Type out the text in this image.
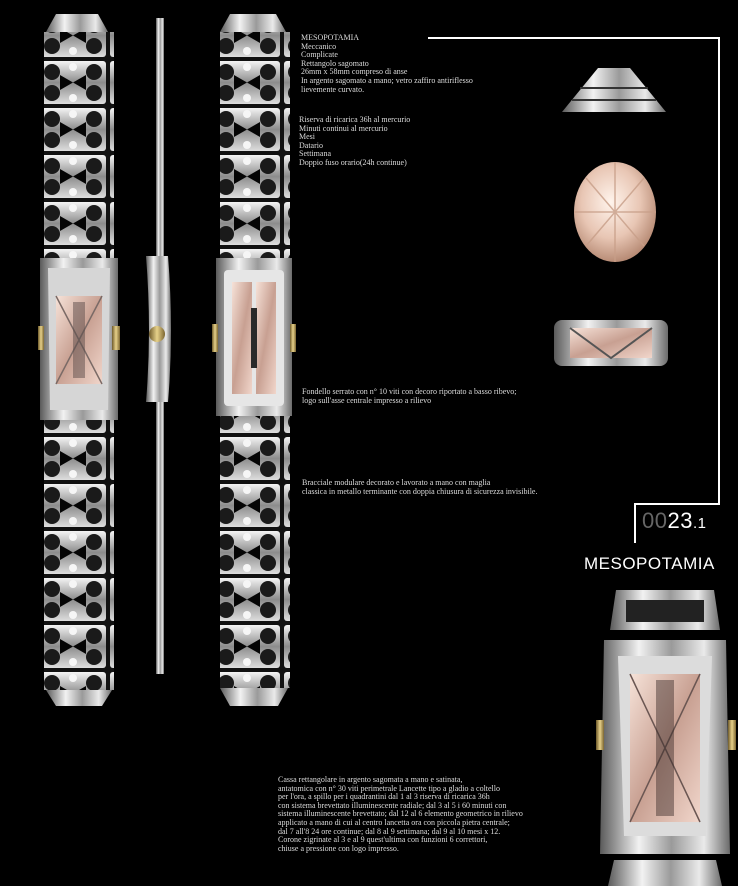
MESOPOTAMIA
Meccanico
Complicate
Rettangolo sagomato
26mm x 58mm compreso di anse
In argento sagomato a mano; vetro zaffiro antiriflesso
lievemente curvato.
Riserva di ricarica 36h al mercurio
Minuti continui al mercurio
Mesi
Datario
Settimana
Doppio fuso orario(24h continue)
Fondello serrato con n° 10 viti con decoro riportato a basso ribevo;
logo sull'asse centrale impresso a rilievo
Bracciale modulare decorato e lavorato a mano con maglia
classica in metallo terminante con doppia chiusura di sicurezza invisibile.
Cassa rettangolare in argento sagomata a mano e satinata,
antatomica con n° 30 viti perimetrale Lancette tipo a gladio a coltello
per l'ora, a spillo per i quadrantini dal 1 al 3 riserva di ricarica 36h
con sistema brevettato illuminescente radiale; dal 3 al 5 i 60 minuti con
sistema illuminescente brevettato; dal 12 al 6 elemento geometrico in rilievo
applicato a mano di cui al centro lancetta ora con piccola pietra centrale;
dal 7 all'8 24 ore continue; dal 8 al 9 settimana; dal 9 al 10 mesi x 12.
Corone zigrinate al 3 e al 9 quest'ultima con funzioni 6 correttori,
chiuse a pressione con logo impresso.
0023.1
MESOPOTAMIA
